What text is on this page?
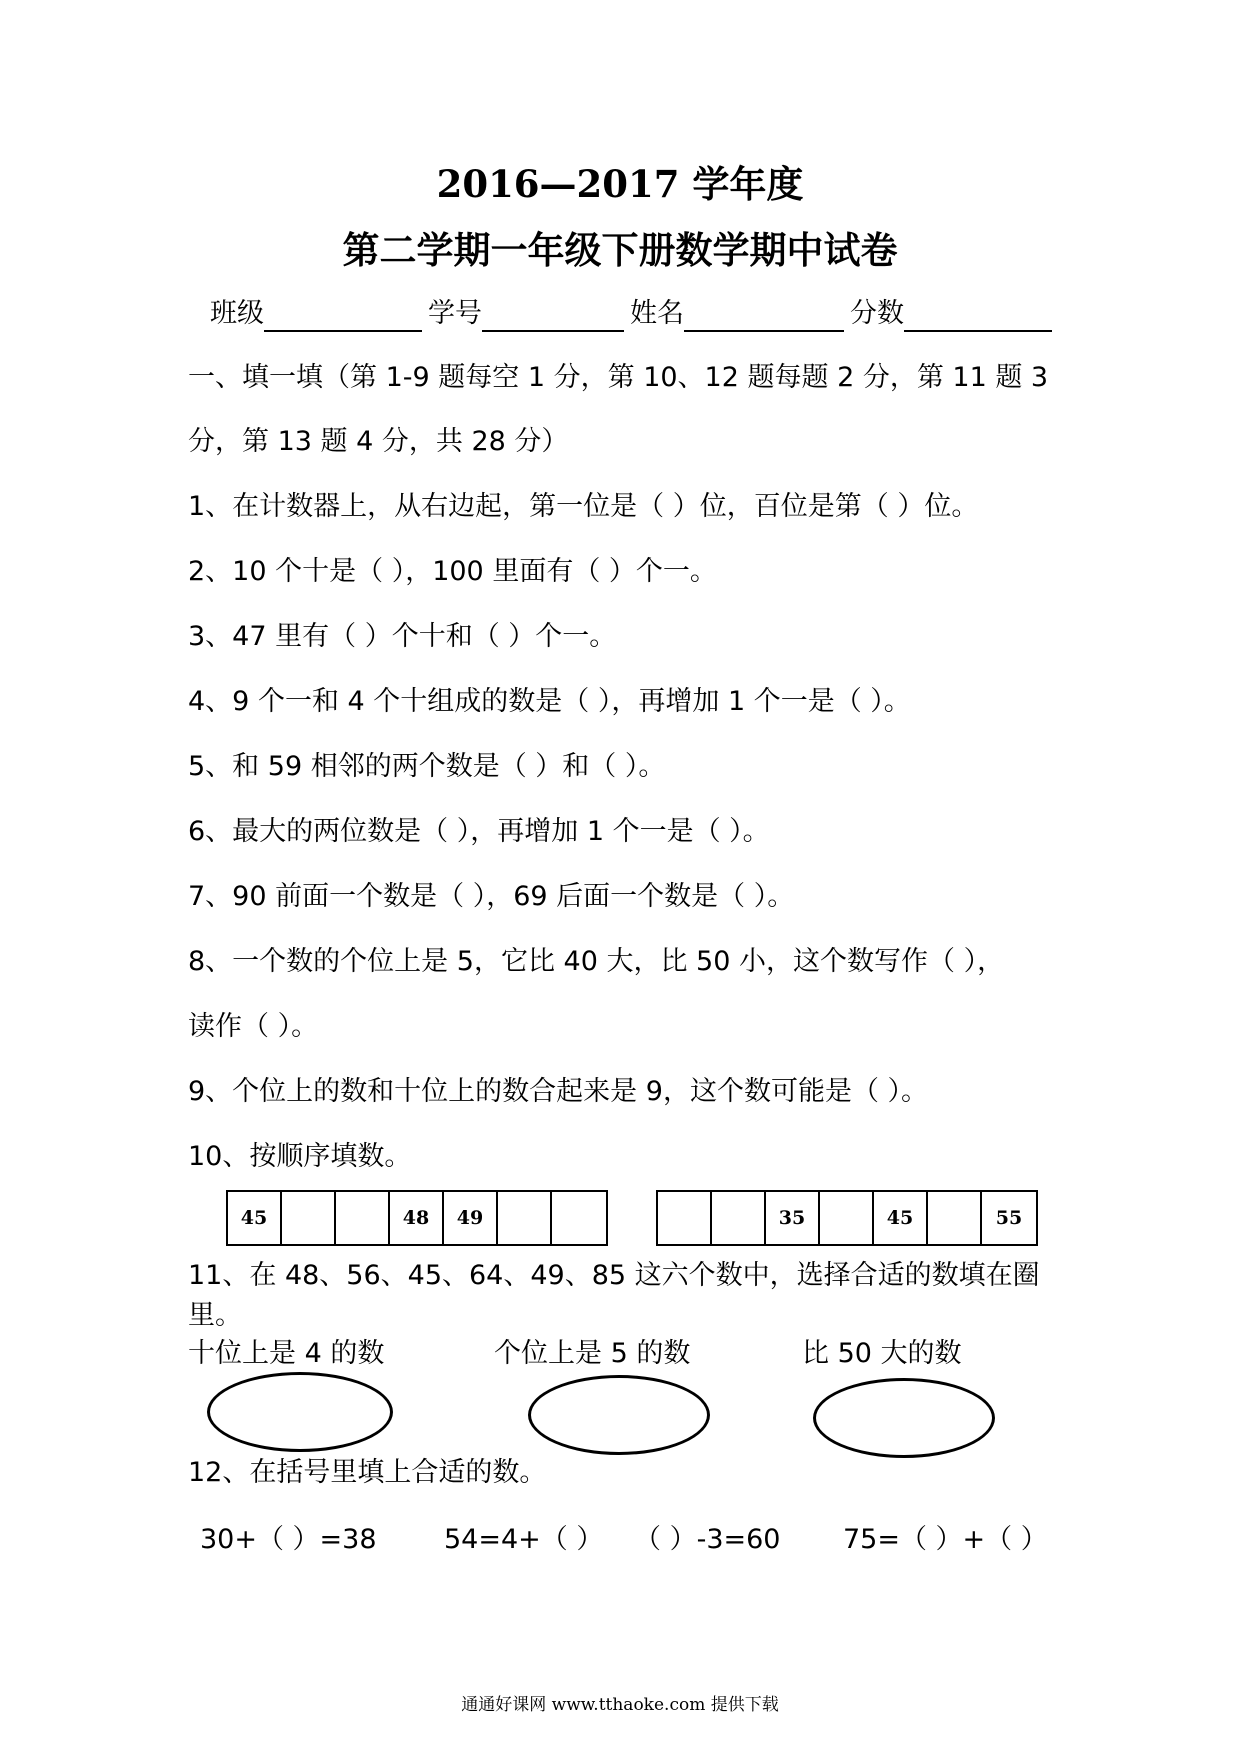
2016—2017 学年度
第二学期一年级下册数学期中试卷
班级	学号	姓名	分数
一、填一填（第 1-9 题每空 1 分，第 10、12 题每题 2 分，第 11 题 3
分，第 13 题 4 分，共 28 分）
1、在计数器上，从右边起，第一位是（ ）位，百位是第（ ）位。
2、10 个十是（ ），100 里面有（ ）个一。
3、47 里有（ ）个十和（ ）个一。
4、9 个一和 4 个十组成的数是（ ），再增加 1 个一是（ ）。
5、和 59 相邻的两个数是（ ）和（ ）。
6、最大的两位数是（ ），再增加 1 个一是（ ）。
7、90 前面一个数是（ ），69 后面一个数是（ ）。
8、一个数的个位上是 5，它比 40 大，比 50 小，这个数写作（ ），
读作（ ）。
9、个位上的数和十位上的数合起来是 9，这个数可能是（ ）。
10、按顺序填数。
45	48	49	35	45	55
11、在 48、56、45、64、49、85 这六个数中，选择合适的数填在圈
里。
十位上是 4 的数	个位上是 5 的数	比 50 大的数
12、在括号里填上合适的数。
30+（ ）=38 54=4+（ ） （ ）-3=60 75=（ ）+（ ）
通通好课网 www.tthaoke.com 提供下载
